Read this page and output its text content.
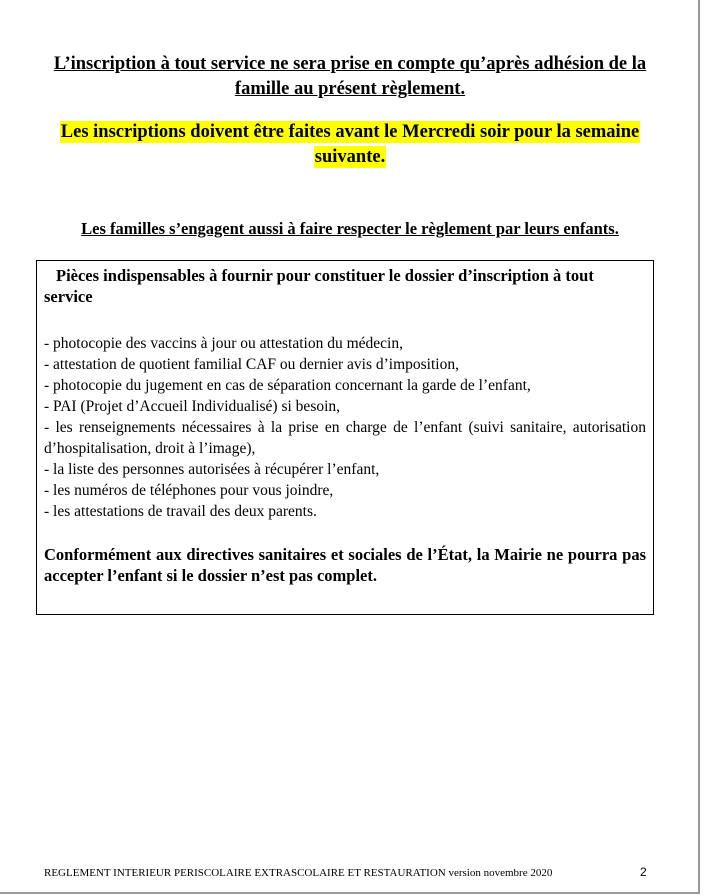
L’inscription à tout service ne sera prise en compte qu’après adhésion de la famille au présent règlement.
Les inscriptions doivent être faites avant le Mercredi soir pour la semaine suivante.
Les familles s’engagent aussi à faire respecter le règlement par leurs enfants.

Pièces indispensables à fournir pour constituer le dossier d’inscription à tout service

- photocopie des vaccins à jour ou attestation du médecin,
- attestation de quotient familial CAF ou dernier avis d’imposition,
- photocopie du jugement en cas de séparation concernant la garde de l’enfant,
- PAI (Projet d’Accueil Individualisé) si besoin,
- les renseignements nécessaires à la prise en charge de l’enfant (suivi sanitaire, autorisation d’hospitalisation, droit à l’image),
- la liste des personnes autorisées à récupérer l’enfant,
- les numéros de téléphones pour vous joindre,
- les attestations de travail des deux parents.

Conformément aux directives sanitaires et sociales de l’État, la Mairie ne pourra pas accepter l’enfant si le dossier n’est pas complet.

REGLEMENT INTERIEUR PERISCOLAIRE EXTRASCOLAIRE ET RESTAURATION version novembre 2020	2
